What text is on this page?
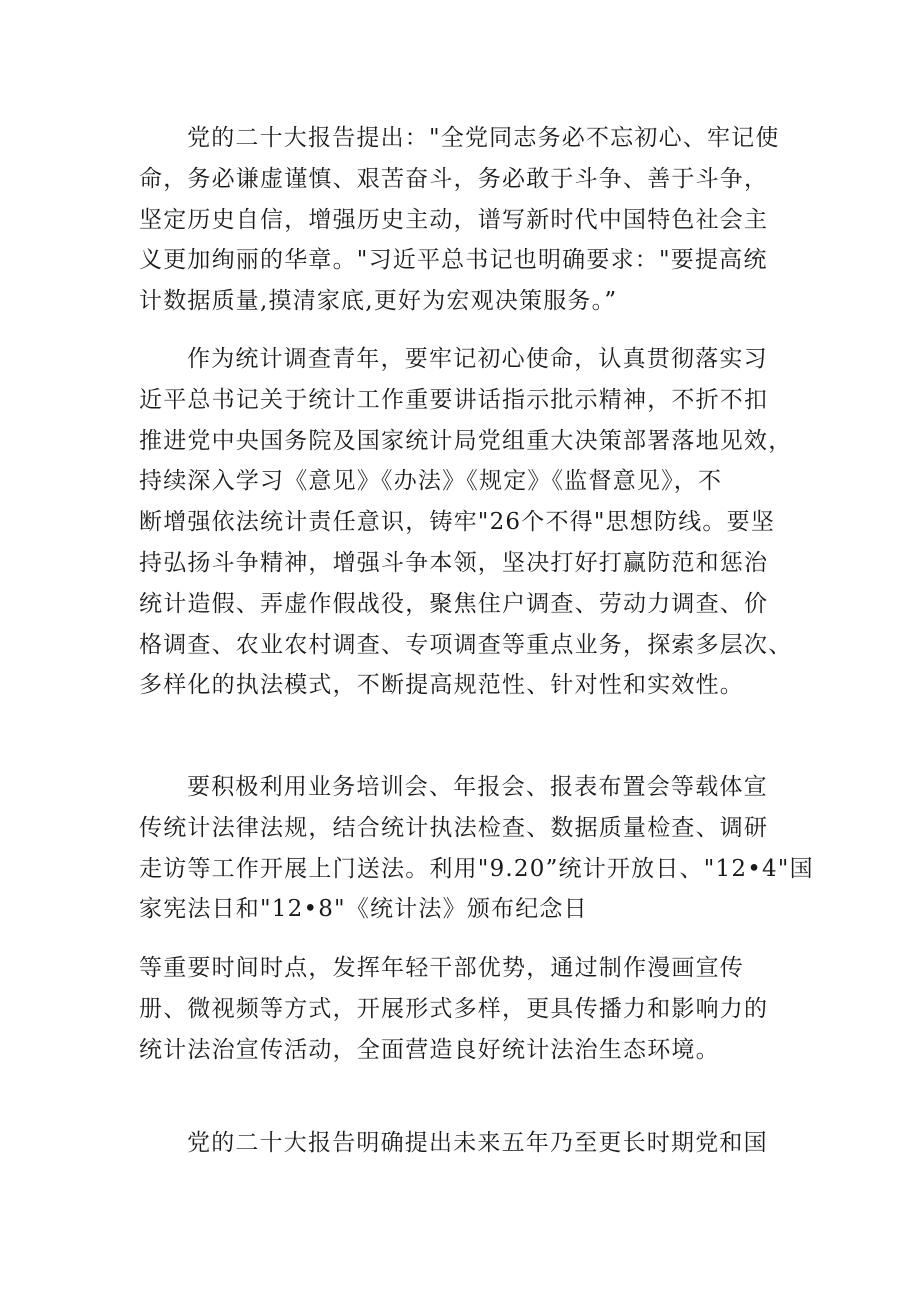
党的二十大报告提出："全党同志务必不忘初心、牢记使
命，务必谦虚谨慎、艰苦奋斗，务必敢于斗争、善于斗争，
坚定历史自信，增强历史主动，谱写新时代中国特色社会主
义更加绚丽的华章。"习近平总书记也明确要求："要提高统
计数据质量,摸清家底,更好为宏观决策服务。”
作为统计调查青年，要牢记初心使命，认真贯彻落实习
近平总书记关于统计工作重要讲话指示批示精神，不折不扣
推进党中央国务院及国家统计局党组重大决策部署落地见效，
持续深入学习《意见》《办法》《规定》《监督意见》，不
断增强依法统计责任意识，铸牢"26个不得"思想防线。要坚
持弘扬斗争精神，增强斗争本领，坚决打好打赢防范和惩治
统计造假、弄虚作假战役，聚焦住户调查、劳动力调查、价
格调查、农业农村调查、专项调查等重点业务，探索多层次、
多样化的执法模式，不断提高规范性、针对性和实效性。
要积极利用业务培训会、年报会、报表布置会等载体宣
传统计法律法规，结合统计执法检查、数据质量检查、调研
走访等工作开展上门送法。利用"9.20”统计开放日、"12•4"国
家宪法日和"12•8"《统计法》颁布纪念日
等重要时间时点，发挥年轻干部优势，通过制作漫画宣传
册、微视频等方式，开展形式多样，更具传播力和影响力的
统计法治宣传活动，全面营造良好统计法治生态环境。
党的二十大报告明确提出未来五年乃至更长时期党和国
